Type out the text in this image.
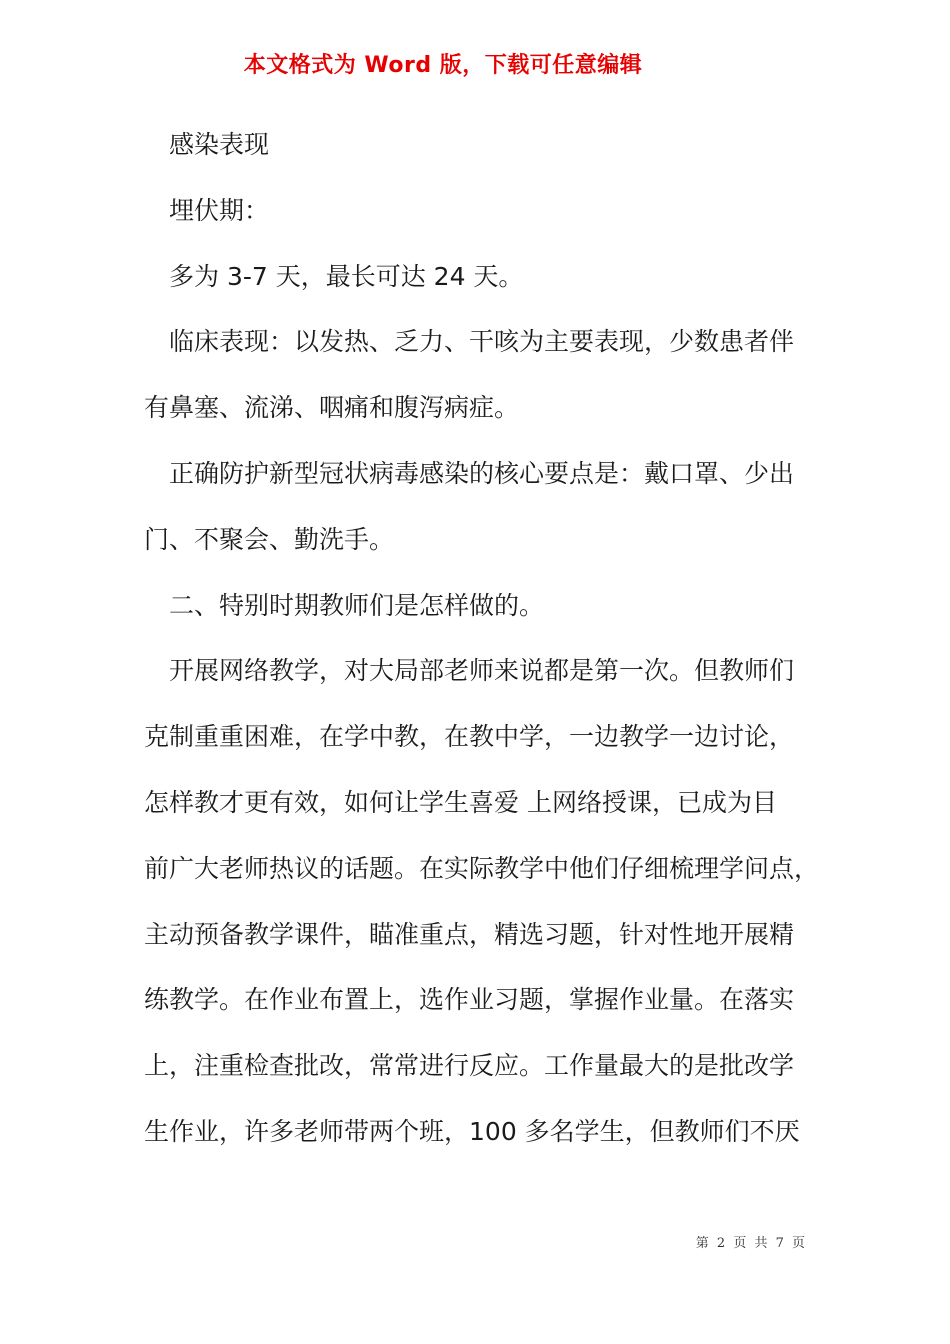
本文格式为 Word 版，下载可任意编辑
感染表现
埋伏期：
多为 3-7 天，最长可达 24 天。
临床表现：以发热、乏力、干咳为主要表现，少数患者伴
有鼻塞、流涕、咽痛和腹泻病症。
正确防护新型冠状病毒感染的核心要点是：戴口罩、少出
门、不聚会、勤洗手。
二、特别时期教师们是怎样做的。
开展网络教学，对大局部老师来说都是第一次。但教师们
克制重重困难，在学中教，在教中学，一边教学一边讨论，
怎样教才更有效，如何让学生喜爱 上网络授课，已成为目
前广大老师热议的话题。在实际教学中他们仔细梳理学问点，
主动预备教学课件，瞄准重点，精选习题，针对性地开展精
练教学。在作业布置上，选作业习题，掌握作业量。在落实
上，注重检查批改，常常进行反应。工作量最大的是批改学
生作业，许多老师带两个班，100 多名学生，但教师们不厌
第 2 页 共 7 页
